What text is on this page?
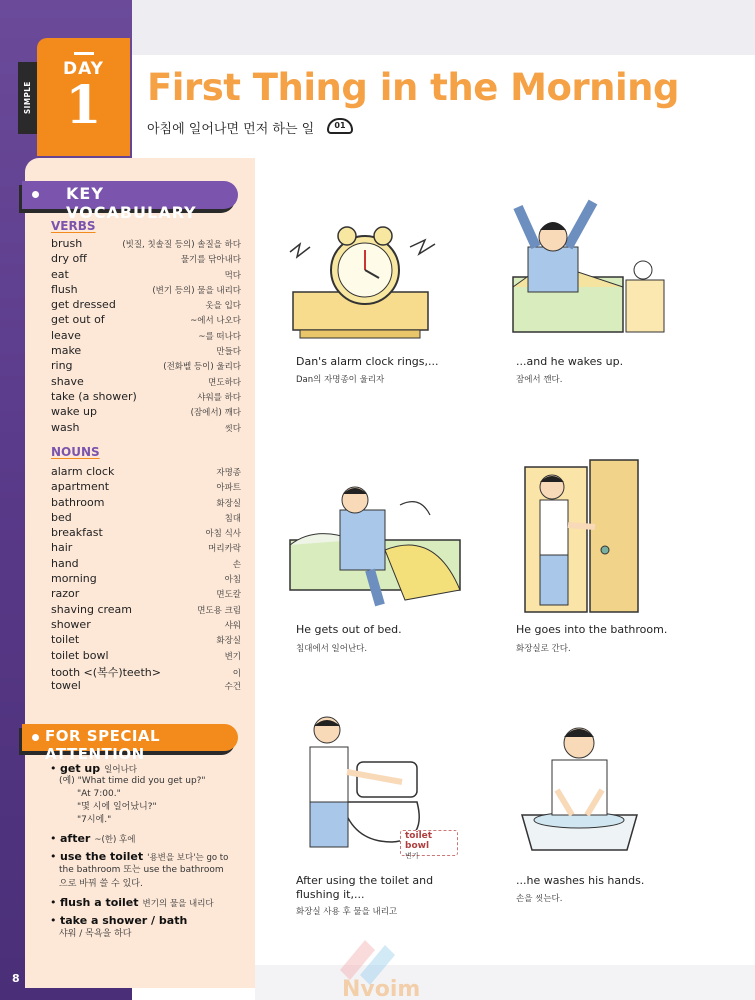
SIMPLE
DAY
1	First Thing in the Morning
아침에 일어나면 먼저 하는 일	01
KEY VOCABULARY
VERBS
brush	(빗질, 칫솔질 등의) 솔질을 하다
dry off	물기를 닦아내다
eat	먹다
flush	(변기 등의) 물을 내리다
get dressed	옷을 입다
get out of	~에서 나오다
leave	~를 떠나다
make	만들다
ring	(전화벨 등이) 울리다
shave	면도하다
take (a shower)	샤워를 하다
wake up	(잠에서) 깨다
wash	씻다
NOUNS
alarm clock	자명종
apartment	아파트
bathroom	화장실
bed	침대
breakfast	아침 식사
hair	머리카락
hand	손
morning	아침
razor	면도칼
shaving cream	면도용 크림
shower	샤워
toilet	화장실
toilet bowl	변기
tooth <(복수)teeth>	이
towel	수건
FOR SPECIAL ATTENTION
• get up 일어나다
(예) "What time did you get up?"
"At 7:00."
"몇 시에 일어났니?"
"7시에."
• after ~(한) 후에
• use the toilet '용변을 보다'는 go to
the bathroom 또는 use the bathroom
으로 바꿔 쓸 수 있다.
• flush a toilet 변기의 물을 내리다
• take a shower / bath
샤워 / 목욕을 하다
Dan's alarm clock rings,...
Dan의 자명종이 울리자
...and he wakes up.
잠에서 깬다.
He gets out of bed.
침대에서 일어난다.
He goes into the bathroom.
화장실로 간다.
toilet bowl
변기
After using the toilet and flushing it,...
화장실 사용 후 물을 내리고
...he washes his hands.
손을 씻는다.
8	Nvoim
